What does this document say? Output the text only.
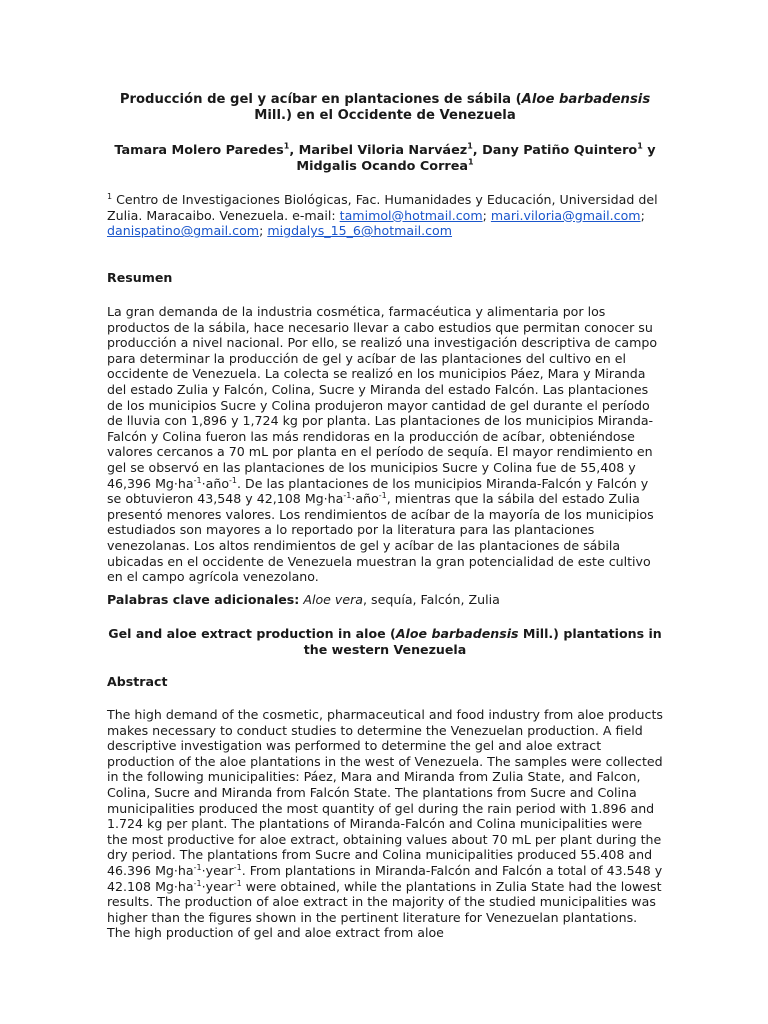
Producción de gel y acíbar en plantaciones de sábila (Aloe barbadensis Mill.) en el Occidente de Venezuela
Tamara Molero Paredes$^1$, Maribel Viloria Narváez$^1$, Dany Patiño Quintero$^1$ y Midgalis Ocando Correa$^1$

$^1$ Centro de Investigaciones Biológicas, Fac. Humanidades y Educación, Universidad del Zulia. Maracaibo. Venezuela. e-mail: tamimol@hotmail.com; mari.viloria@gmail.com; danispatino@gmail.com; migdalys_15_6@hotmail.com

Resumen

La gran demanda de la industria cosmética, farmacéutica y alimentaria por los productos de la sábila, hace necesario llevar a cabo estudios que permitan conocer su producción a nivel nacional. Por ello, se realizó una investigación descriptiva de campo para determinar la producción de gel y acíbar de las plantaciones del cultivo en el occidente de Venezuela. La colecta se realizó en los municipios Páez, Mara y Miranda del estado Zulia y Falcón, Colina, Sucre y Miranda del estado Falcón. Las plantaciones de los municipios Sucre y Colina produjeron mayor cantidad de gel durante el período de lluvia con 1,896 y 1,724 kg por planta. Las plantaciones de los municipios Miranda-Falcón y Colina fueron las más rendidoras en la producción de acíbar, obteniéndose valores cercanos a 70 mL por planta en el período de sequía. El mayor rendimiento en gel se observó en las plantaciones de los municipios Sucre y Colina fue de 55,408 y 46,396 $Mg\cdot ha^{-1}\cdot año^{-1}$. De las plantaciones de los municipios Miranda-Falcón y Falcón y se obtuvieron 43,548 y 42,108 $Mg\cdot ha^{-1}\cdot año^{-1}$, mientras que la sábila del estado Zulia presentó menores valores. Los rendimientos de acíbar de la mayoría de los municipios estudiados son mayores a lo reportado por la literatura para las plantaciones venezolanas. Los altos rendimientos de gel y acíbar de las plantaciones de sábila ubicadas en el occidente de Venezuela muestran la gran potencialidad de este cultivo en el campo agrícola venezolano.

Palabras clave adicionales: Aloe vera, sequía, Falcón, Zulia

Gel and aloe extract production in aloe (Aloe barbadensis Mill.) plantations in the western Venezuela
Abstract

The high demand of the cosmetic, pharmaceutical and food industry from aloe products makes necessary to conduct studies to determine the Venezuelan production. A field descriptive investigation was performed to determine the gel and aloe extract production of the aloe plantations in the west of Venezuela. The samples were collected in the following municipalities: Páez, Mara and Miranda from Zulia State, and Falcon, Colina, Sucre and Miranda from Falcón State. The plantations from Sucre and Colina municipalities produced the most quantity of gel during the rain period with 1.896 and 1.724 kg per plant. The plantations of Miranda-Falcón and Colina municipalities were the most productive for aloe extract, obtaining values about 70 mL per plant during the dry period. The plantations from Sucre and Colina municipalities produced 55.408 and 46.396 $Mg\cdot ha^{-1}\cdot year^{-1}$. From plantations in Miranda-Falcón and Falcón a total of 43.548 y 42.108 $Mg\cdot ha^{-1}\cdot year^{-1}$ were obtained, while the plantations in Zulia State had the lowest results. The production of aloe extract in the majority of the studied municipalities was higher than the figures shown in the pertinent literature for Venezuelan plantations. The high production of gel and aloe extract from aloe
